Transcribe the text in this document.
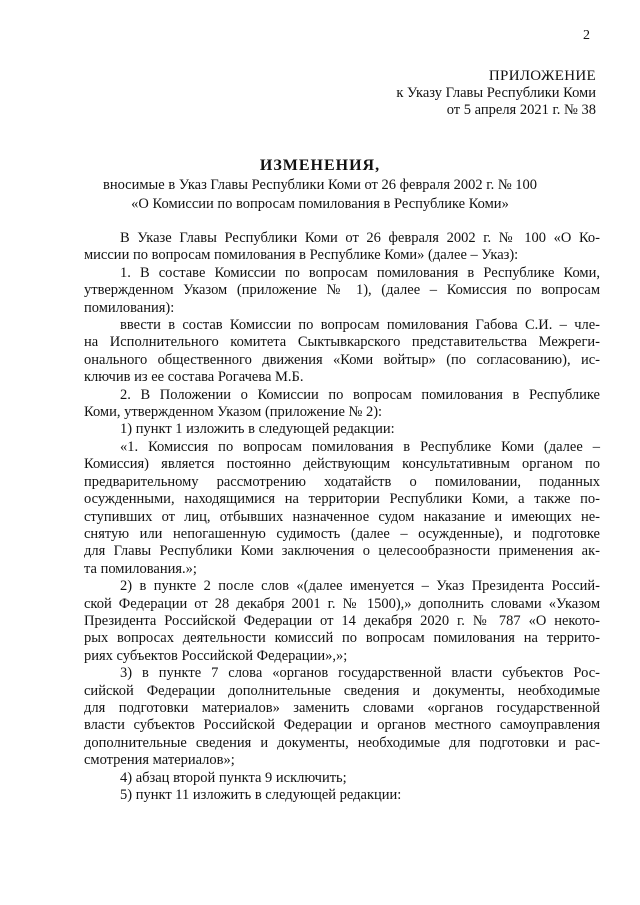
2
ПРИЛОЖЕНИЕ
к Указу Главы Республики Коми
от 5 апреля 2021 г. № 38
ИЗМЕНЕНИЯ,
вносимые в Указ Главы Республики Коми от 26 февраля 2002 г. № 100
«О Комиссии по вопросам помилования в Республике Коми»

В Указе Главы Республики Коми от 26 февраля 2002 г. № 100 «О Ко-

миссии по вопросам помилования в Республике Коми» (далее – Указ):

1. В составе Комиссии по вопросам помилования в Республике Коми,

утвержденном Указом (приложение № 1), (далее – Комиссия по вопросам

помилования):

ввести в состав Комиссии по вопросам помилования Габова С.И. – чле-

на Исполнительного комитета Сыктывкарского представительства Межреги-

онального общественного движения «Коми войтыр» (по согласованию), ис-

ключив из ее состава Рогачева М.Б.

2. В Положении о Комиссии по вопросам помилования в Республике

Коми, утвержденном Указом (приложение № 2):

1) пункт 1 изложить в следующей редакции:

«1. Комиссия по вопросам помилования в Республике Коми (далее –

Комиссия) является постоянно действующим консультативным органом по

предварительному рассмотрению ходатайств о помиловании, поданных

осужденными, находящимися на территории Республики Коми, а также по-

ступивших от лиц, отбывших назначенное судом наказание и имеющих не-

снятую или непогашенную судимость (далее – осужденные), и подготовке

для Главы Республики Коми заключения о целесообразности применения ак-

та помилования.»;

2) в пункте 2 после слов «(далее именуется – Указ Президента Россий-

ской Федерации от 28 декабря 2001 г. № 1500),» дополнить словами «Указом

Президента Российской Федерации от 14 декабря 2020 г. № 787 «О некото-

рых вопросах деятельности комиссий по вопросам помилования на террито-

риях субъектов Российской Федерации»,»;

3) в пункте 7 слова «органов государственной власти субъектов Рос-

сийской Федерации дополнительные сведения и документы, необходимые

для подготовки материалов» заменить словами «органов государственной

власти субъектов Российской Федерации и органов местного самоуправления

дополнительные сведения и документы, необходимые для подготовки и рас-

смотрения материалов»;

4) абзац второй пункта 9 исключить;

5) пункт 11 изложить в следующей редакции:
